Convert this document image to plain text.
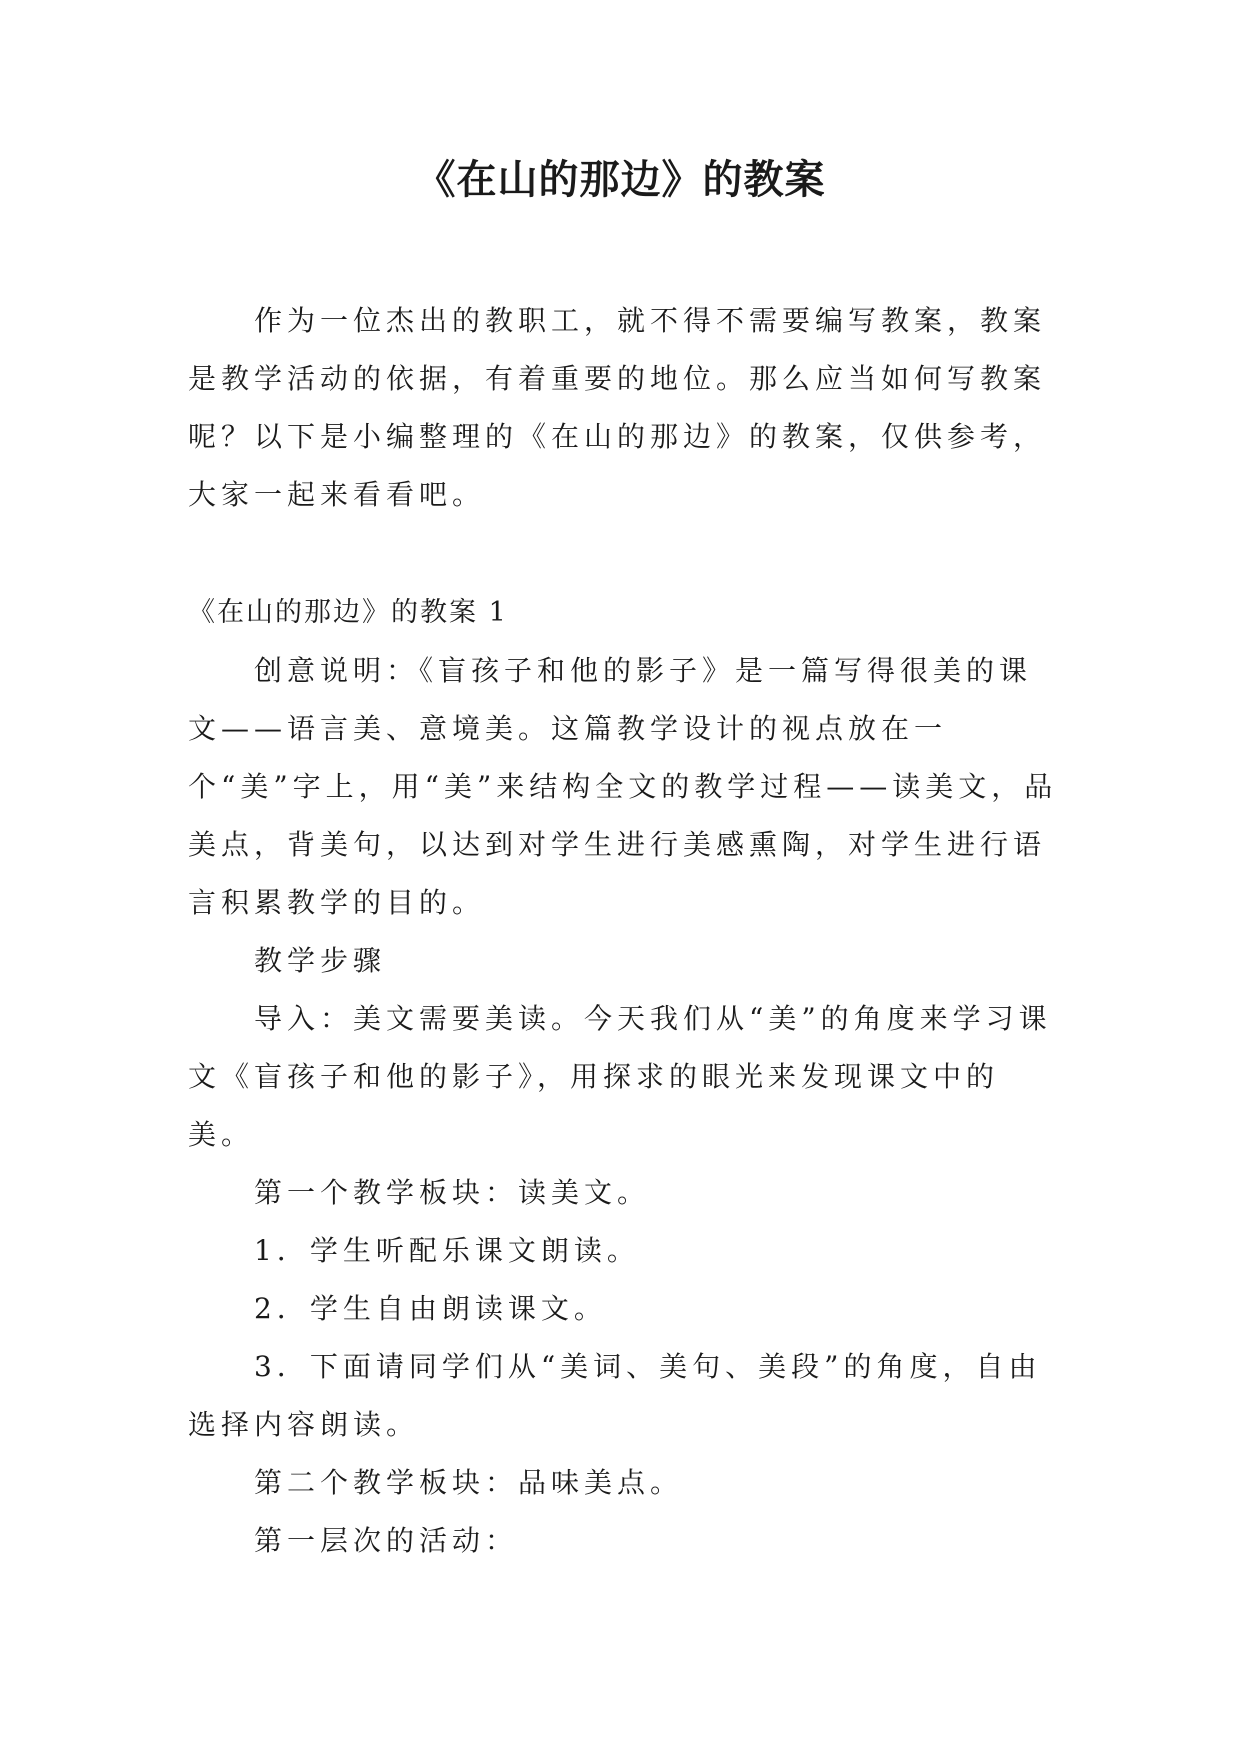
《在山的那边》的教案

作为一位杰出的教职工，就不得不需要编写教案，教案是教学活动的依据，有着重要的地位。那么应当如何写教案呢？以下是小编整理的《在山的那边》的教案，仅供参考，大家一起来看看吧。

《在山的那边》的教案 1

创意说明：《盲孩子和他的影子》是一篇写得很美的课文——语言美、意境美。这篇教学设计的视点放在一个“美”字上，用“美”来结构全文的教学过程——读美文，品美点，背美句，以达到对学生进行美感熏陶，对学生进行语言积累教学的目的。

教学步骤

导入：美文需要美读。今天我们从“美”的角度来学习课文《盲孩子和他的影子》，用探求的眼光来发现课文中的美。

第一个教学板块：读美文。

1．学生听配乐课文朗读。

2．学生自由朗读课文。

3．下面请同学们从“美词、美句、美段”的角度，自由选择内容朗读。

第二个教学板块：品味美点。

第一层次的活动：
